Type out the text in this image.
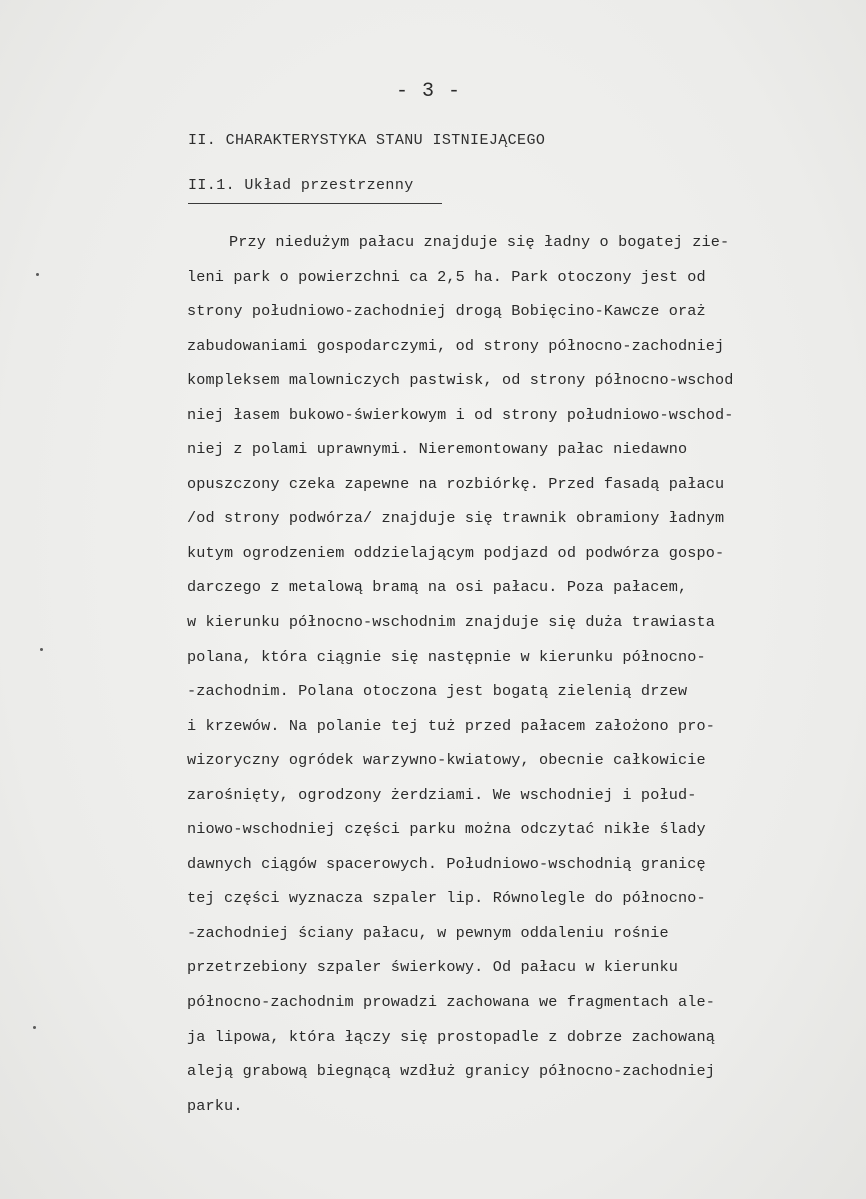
- 3 -
II. CHARAKTERYSTYKA STANU ISTNIEJĄCEGO
II.1. Układ przestrzenny
Przy niedużym pałacu znajduje się ładny o bogatej zie-
leni park o powierzchni ca 2,5 ha. Park otoczony jest od
strony południowo-zachodniej drogą Bobięcino-Kawcze oraż
zabudowaniami gospodarczymi, od strony północno-zachodniej
kompleksem malowniczych pastwisk, od strony północno-wschod
niej łasem bukowo-świerkowym i od strony południowo-wschod-
niej z polami uprawnymi. Nieremontowany pałac niedawno
opuszczony czeka zapewne na rozbiórkę. Przed fasadą pałacu
/od strony podwórza/ znajduje się trawnik obramiony ładnym
kutym ogrodzeniem oddzielającym podjazd od podwórza gospo-
darczego z metalową bramą na osi pałacu. Poza pałacem,
w kierunku północno-wschodnim znajduje się duża trawiasta
polana, która ciągnie się następnie w kierunku północno-
-zachodnim. Polana otoczona jest bogatą zielenią drzew
i krzewów. Na polanie tej tuż przed pałacem założono pro-
wizoryczny ogródek warzywno-kwiatowy, obecnie całkowicie
zarośnięty, ogrodzony żerdziami. We wschodniej i połud-
niowo-wschodniej części parku można odczytać nikłe ślady
dawnych ciągów spacerowych. Południowo-wschodnią granicę
tej części wyznacza szpaler lip. Równolegle do północno-
-zachodniej ściany pałacu, w pewnym oddaleniu rośnie
przetrzebiony szpaler świerkowy. Od pałacu w kierunku
północno-zachodnim prowadzi zachowana we fragmentach ale-
ja lipowa, która łączy się prostopadle z dobrze zachowaną
aleją grabową biegnącą wzdłuż granicy północno-zachodniej
parku.
